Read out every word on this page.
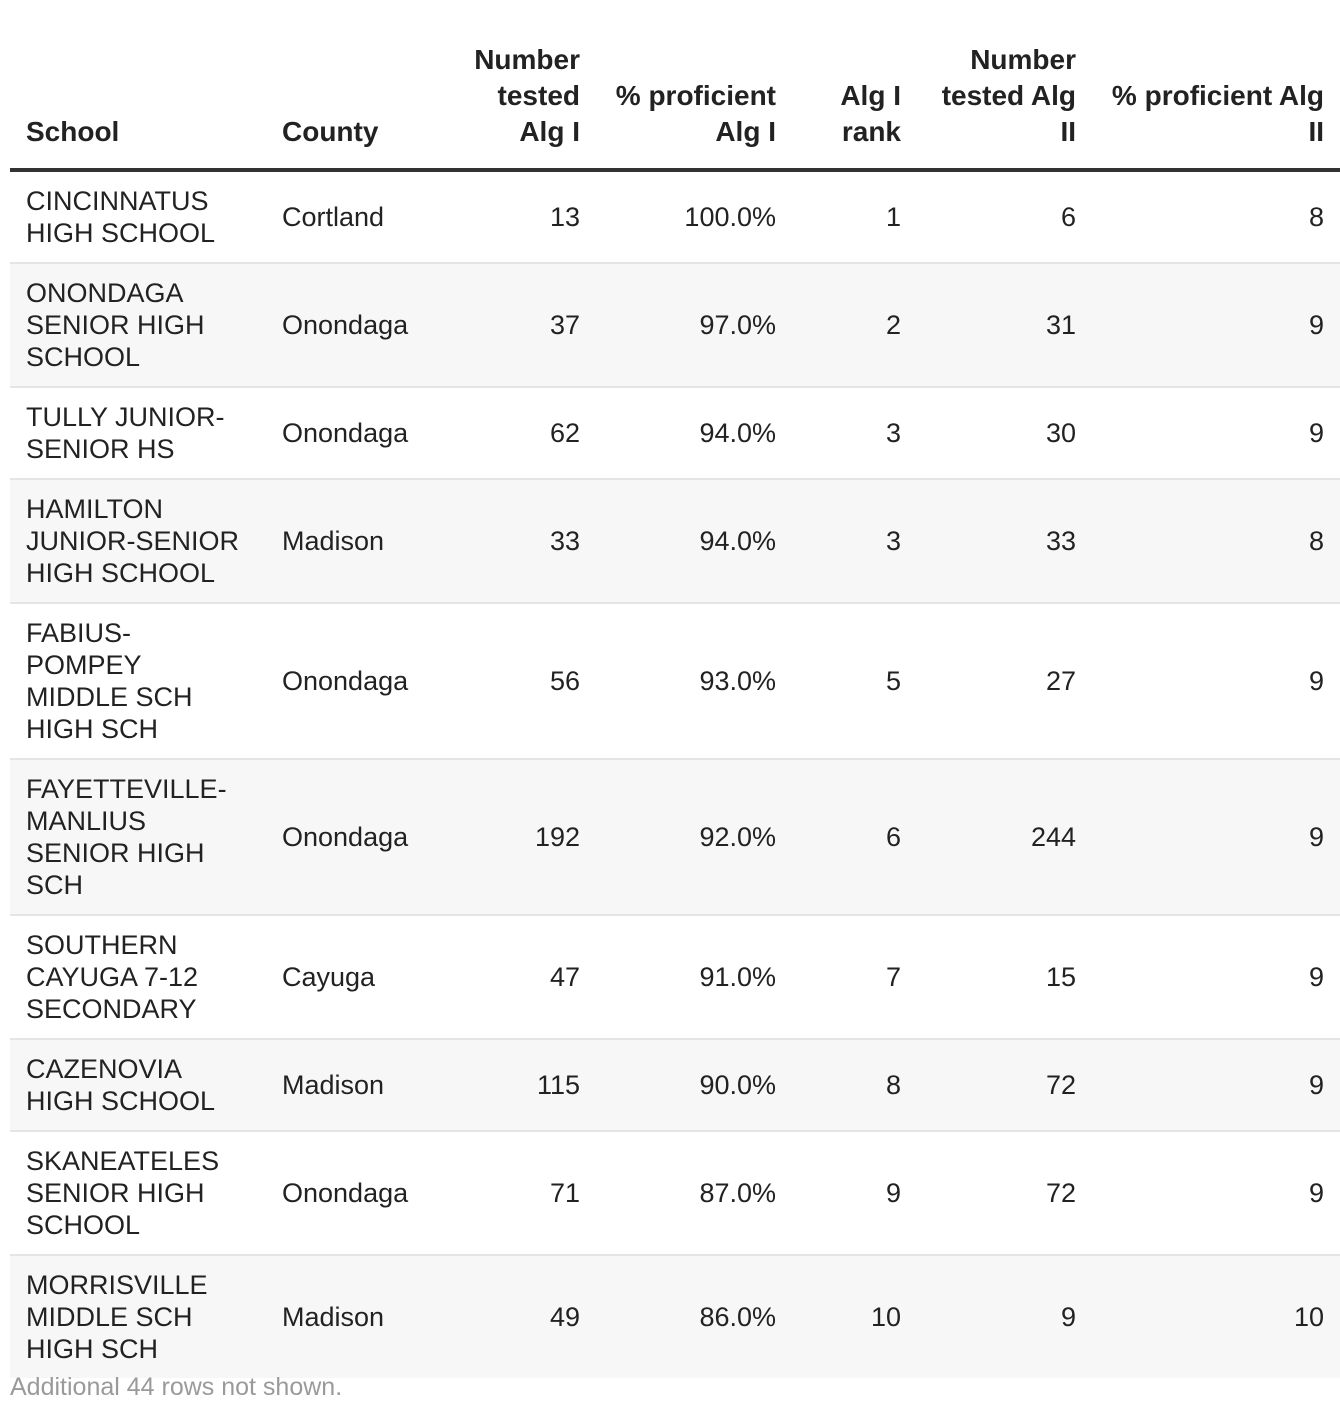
School	County	Number tested Alg I	% proficient Alg I	Alg I rank	Number tested Alg II	% proficient Alg II
CINCINNATUS HIGH SCHOOL	Cortland	13	100.0%	1	6	8
ONONDAGA SENIOR HIGH SCHOOL	Onondaga	37	97.0%	2	31	9
TULLY JUNIOR-SENIOR HS	Onondaga	62	94.0%	3	30	9
HAMILTON JUNIOR-SENIOR HIGH SCHOOL	Madison	33	94.0%	3	33	8
FABIUS-POMPEY MIDDLE SCH HIGH SCH	Onondaga	56	93.0%	5	27	9
FAYETTEVILLE-MANLIUS SENIOR HIGH SCH	Onondaga	192	92.0%	6	244	9
SOUTHERN CAYUGA 7-12 SECONDARY	Cayuga	47	91.0%	7	15	9
CAZENOVIA HIGH SCHOOL	Madison	115	90.0%	8	72	9
SKANEATELES SENIOR HIGH SCHOOL	Onondaga	71	87.0%	9	72	9
MORRISVILLE MIDDLE SCH HIGH SCH	Madison	49	86.0%	10	9	10
Additional 44 rows not shown.
